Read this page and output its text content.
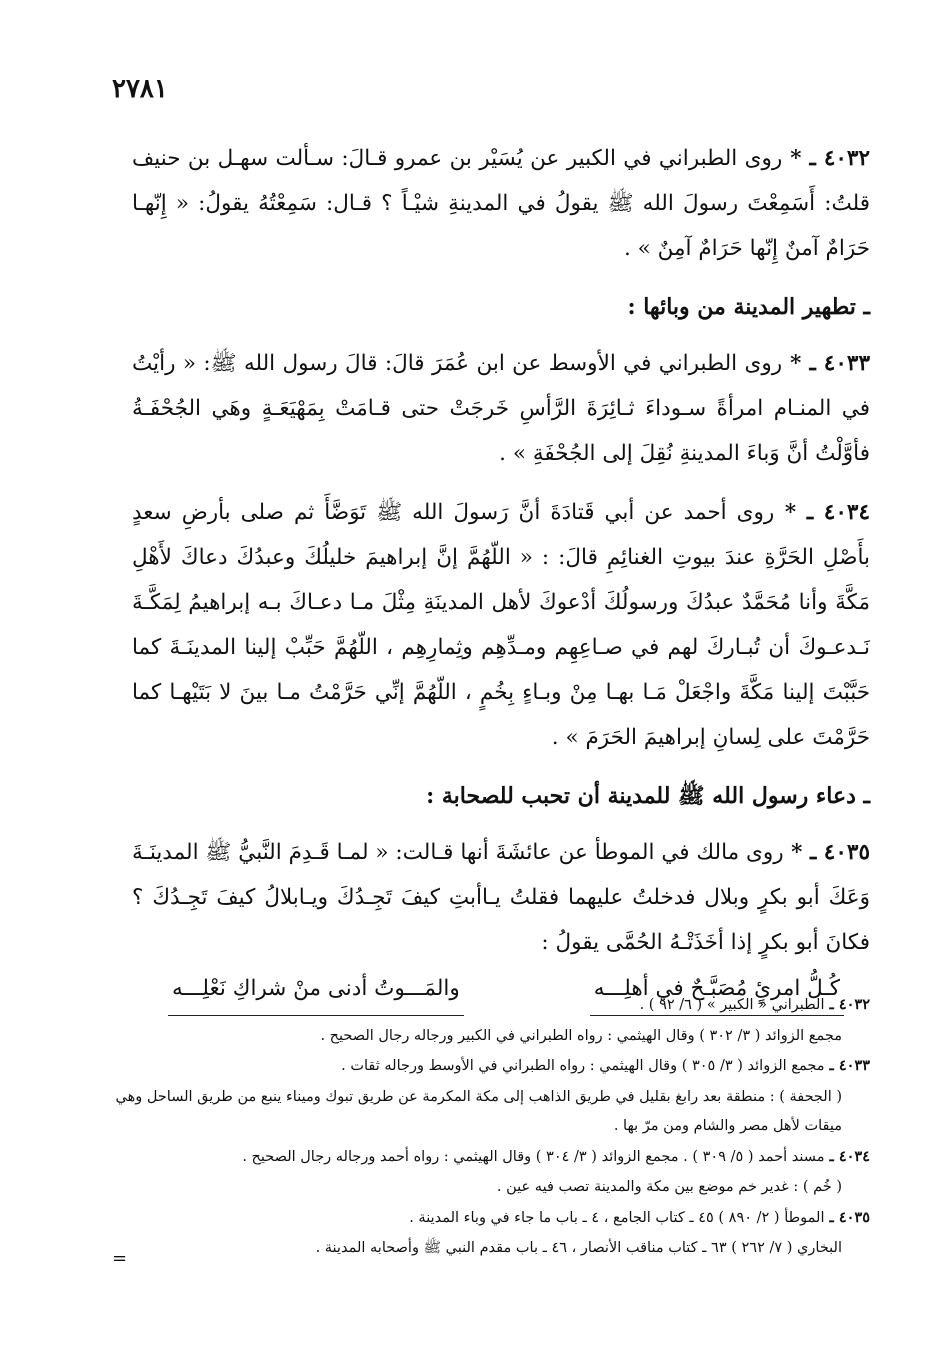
٢٧٨١

٤٠٣٢ ـ * روى الطبراني في الكبير عن يُسَيْر بن عمرو قـالَ: سـألت سهـل بن حنيف قلتُ: أَسَمِعْتَ رسولَ الله ﷺ يقولُ في المدينةِ شيْـاً ؟ قـال: سَمِعْتُهُ يقولُ: « إِنّهـا حَرَامٌ آمنٌ إِنّها حَرَامٌ آمِنٌ » .

ـ تطهير المدينة من وبائها :

٤٠٣٣ ـ * روى الطبراني في الأوسط عن ابن عُمَرَ قالَ: قالَ رسول الله ﷺ: « رأيْتُ في المنـام امرأةً سـوداءَ ثـائِرَةَ الرَّأسِ خَرجَتْ حتى قـامَتْ بِمَهْيَعَـةٍ وهَي الجُحْفَـةُ فأوَّلْتُ أنَّ وَباءَ المدينةِ نُقِلَ إلى الجُحْفَةِ » .

٤٠٣٤ ـ * روى أحمد عن أبي قَتادَةَ أنَّ رَسولَ الله ﷺ تَوَضَّأَ ثم صلى بأرضِ سعدٍ بأَصْلِ الحَرَّةِ عندَ بيوتِ الغنائِمِ قالَ: : « اللّهُمَّ إنَّ إبراهيمَ خليلُكَ وعبدُكَ دعاكَ لأَهْلِ مَكَّةَ وأنا مُحَمَّدٌ عبدُكَ ورسولُكَ أدْعوكَ لأهل المدينَةِ مِثْلَ مـا دعـاكَ بـه إبراهيمُ لِمَكَّـةَ نَـدعـوكَ أن تُبـاركَ لهم في صـاعِهِم ومـدِّهِم وثِمارِهِم ، اللّهُمَّ حَبِّبْ إلينا المدينَـةَ كما حَبَّبْتَ إلينا مَكَّةَ واجْعَلْ مَـا بهـا مِنْ وبـاءٍ بِخُمٍ ، اللّهُمَّ إنِّي حَرَّمْتُ مـا بينَ لا بَتَيْهـا كما حَرَّمْتَ على لِسانِ إبراهيمَ الحَرَمَ » .

ـ دعاء رسول الله ﷺ للمدينة أن تحبب للصحابة :

٤٠٣٥ ـ * روى مالك في الموطأ عن عائشَةَ أنها قـالت: « لمـا قَـدِمَ النَّبيُّ ﷺ المدينَـةَ وَعَكَ أبو بكرٍ وبلال فدخلتُ عليهما فقلتُ يـاأبتِ كيفَ تَجِـدُكَ ويـابلالُ كيفَ تَجِـدُكَ ؟ فكانَ أبو بكرٍ إذا أخَذَتْـهُ الحُمَّى يقولُ :

كُـلُّ امرئٍ مُصَبَّـحٌ في أهلِـــه
والمَـــوتُ أدنى منْ شراكِ نَعْلِـــه

٤٠٣٢ ـ الطبراني « الكبير » ( ٦/ ٩٢ ) .

مجمع الزوائد ( ٣/ ٣٠٢ ) وقال الهيثمي : رواه الطبراني في الكبير ورجاله رجال الصحيح .

٤٠٣٣ ـ مجمع الزوائد ( ٣/ ٣٠٥ ) وقال الهيثمي : رواه الطبراني في الأوسط ورجاله ثقات .

( الجحفة ) : منطقة بعد رابغ بقليل في طريق الذاهب إلى مكة المكرمة عن طريق تبوك وميناء ينبع من طريق الساحل وهي ميقات لأهل مصر والشام ومن مرّ بها .

٤٠٣٤ ـ مسند أحمد ( ٥/ ٣٠٩ ) . مجمع الزوائد ( ٣/ ٣٠٤ ) وقال الهيثمي : رواه أحمد ورجاله رجال الصحيح .

( خُم ) : غدير خم موضع بين مكة والمدينة تصب فيه عين .

٤٠٣٥ ـ الموطأ ( ٢/ ٨٩٠ ) ٤٥ ـ كتاب الجامع ، ٤ ـ باب ما جاء في وباء المدينة .

البخاري ( ٧/ ٢٦٢ ) ٦٣ ـ كتاب مناقب الأنصار ، ٤٦ ـ باب مقدم النبي ﷺ وأصحابه المدينة .

=
